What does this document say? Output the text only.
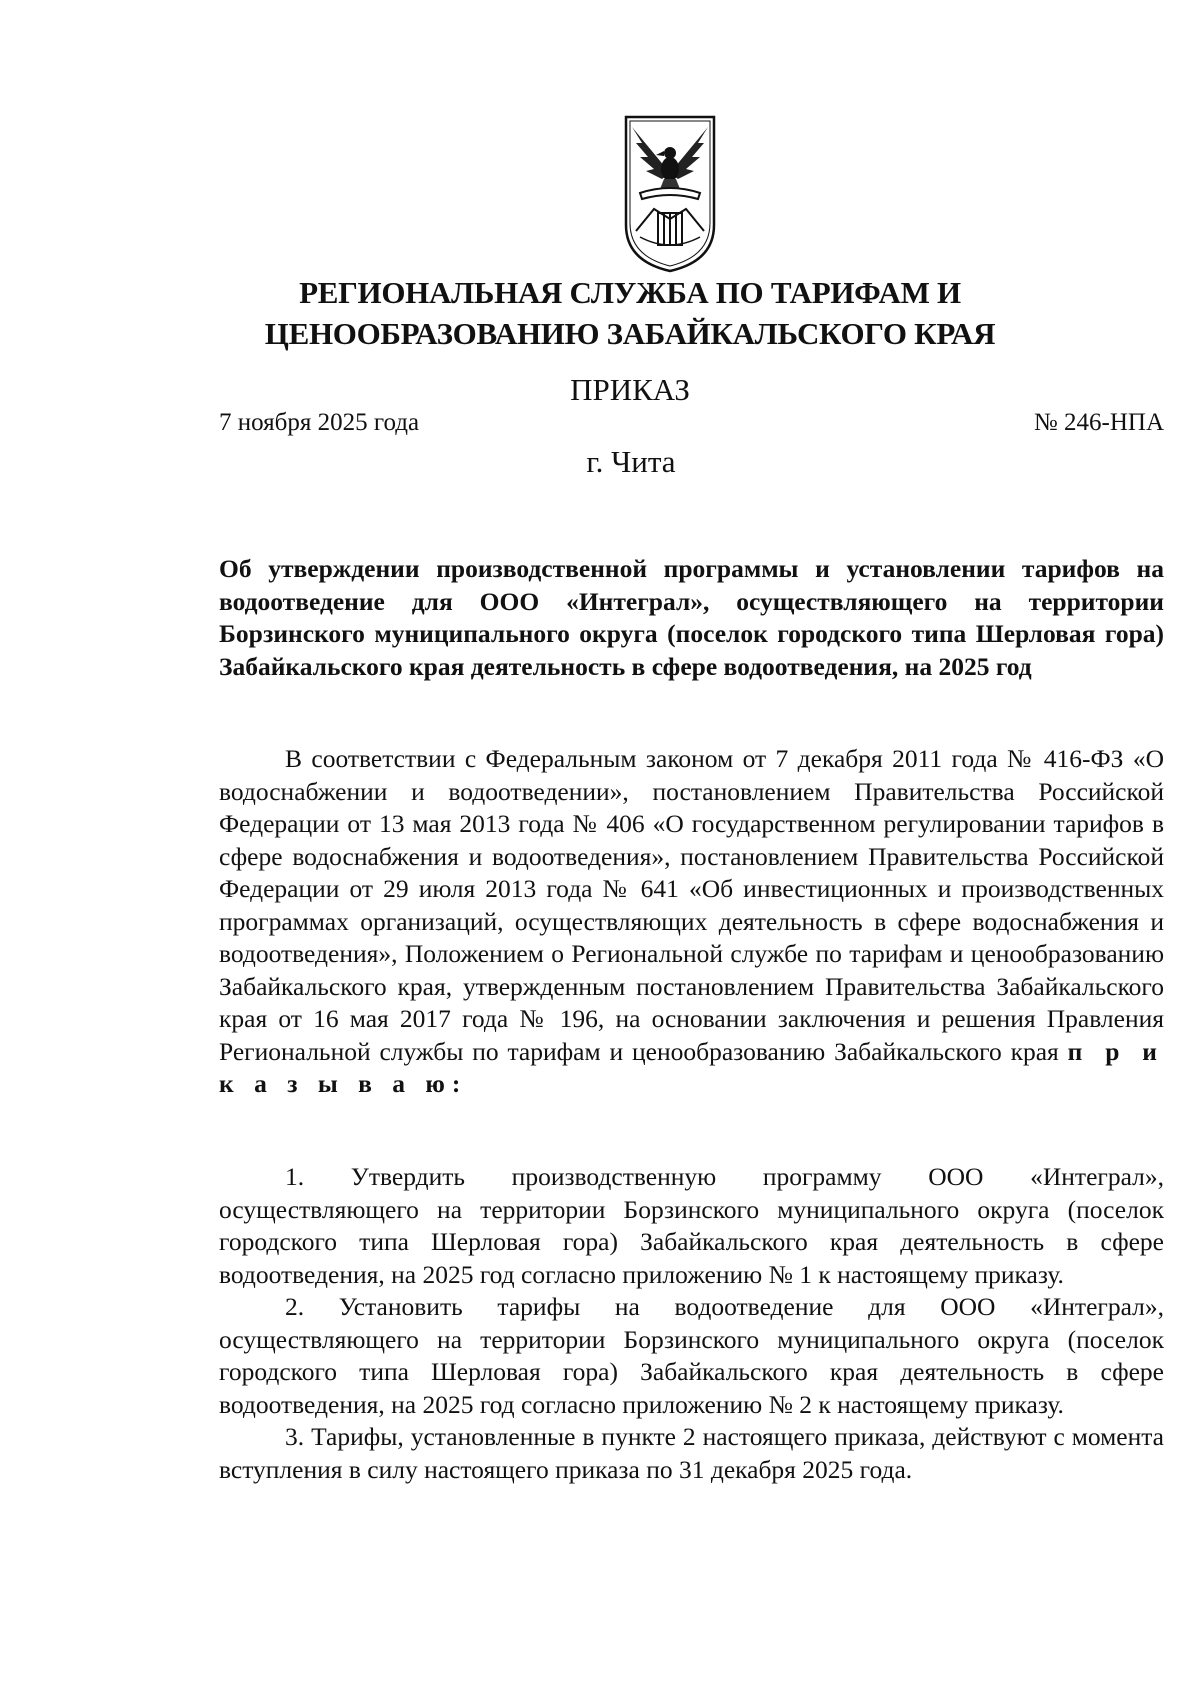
РЕГИОНАЛЬНАЯ СЛУЖБА ПО ТАРИФАМ И
ЦЕНООБРАЗОВАНИЮ ЗАБАЙКАЛЬСКОГО КРАЯ
ПРИКАЗ
7 ноября 2025 года	№ 246-НПА
г. Чита
Об утверждении производственной программы и установлении тарифов на водоотведение для ООО «Интеграл», осуществляющего на территории Борзинского муниципального округа (поселок городского типа Шерловая гора) Забайкальского края деятельность в сфере водоотведения, на 2025 год
В соответствии с Федеральным законом от 7 декабря 2011 года № 416-ФЗ «О водоснабжении и водоотведении», постановлением Правительства Российской Федерации от 13 мая 2013 года № 406 «О государственном регулировании тарифов в сфере водоснабжения и водоотведения», постановлением Правительства Российской Федерации от 29 июля 2013 года № 641 «Об инвестиционных и производственных программах организаций, осуществляющих деятельность в сфере водоснабжения и водоотведения», Положением о Региональной службе по тарифам и ценообразованию Забайкальского края, утвержденным постановлением Правительства Забайкальского края от 16 мая 2017 года № 196, на основании заключения и решения Правления Региональной службы по тарифам и ценообразованию Забайкальского края п р и к а з ы в а ю:

1. Утвердить производственную программу ООО «Интеграл», осуществляющего на территории Борзинского муниципального округа (поселок городского типа Шерловая гора) Забайкальского края деятельность в сфере водоотведения, на 2025 год согласно приложению № 1 к настоящему приказу.

2. Установить тарифы на водоотведение для ООО «Интеграл», осуществляющего на территории Борзинского муниципального округа (поселок городского типа Шерловая гора) Забайкальского края деятельность в сфере водоотведения, на 2025 год согласно приложению № 2 к настоящему приказу.

3. Тарифы, установленные в пункте 2 настоящего приказа, действуют с момента вступления в силу настоящего приказа по 31 декабря 2025 года.
